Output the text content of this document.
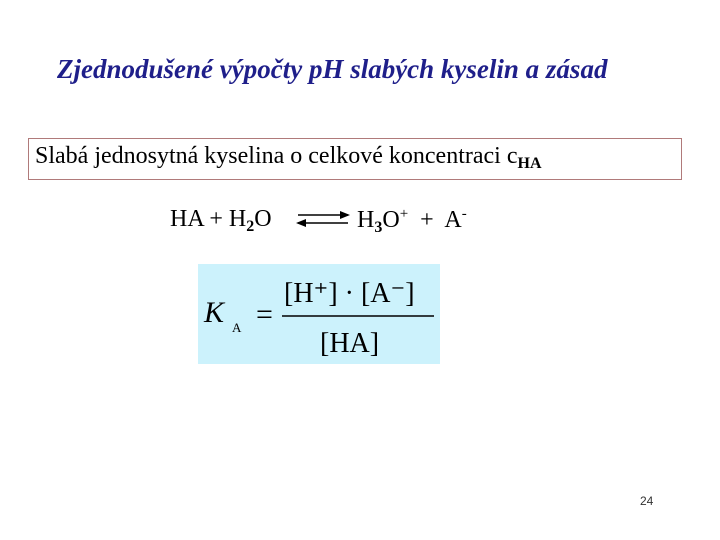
Zjednodušené výpočty pH slabých kyselin a zásad
Slabá jednosytná kyselina o celkové koncentraci $c_{HA}$
HA + $H_2O$ ⇌ $H_3O^+ + A^-$
K A =
[H⁺] · [A⁻]
[HA]
24
